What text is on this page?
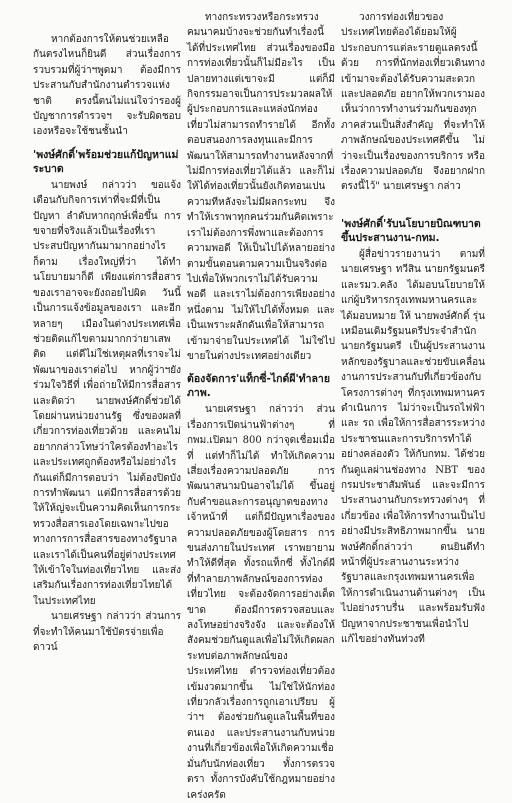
หากต้องการให้ตนช่วยเหลือกันตรงไหนก็ยินดี ส่วนเรื่องการรวบรวมที่ผู้ว่าฯพูดมา ต้องมีการประสานกับสำนักงานตำรวจแห่งชาติ ตรงนี้ตนไม่แน่ใจว่ารองผู้บัญชาการตำรวจฯ จะรับผิดชอบเองหรือจะใช้ชนชั้นนำ

'พงษ์ศักดิ์'พร้อมช่วยแก้ปัญหาแม่ระบาด

นายพงษ์ กล่าวว่า ขอแจ้งเตือนกับกิจการเท่าที่จะมีที่เป็นปัญหา ลำดับหากฤกษ์เพื่อขึ้น การขจายที่จริงแล้วเป็นเรื่องที่เราประสบปัญหากันมามากอย่างไรก็ตาม เรื่องใหญ่ที่ว่า ได้ทำนโยบายมาก็ดี เพียงแต่การสื่อสารของเราอาจจะยังถอยไปผิด วันนี้เป็นการแจ้งข้อมูลของเรา และอีกหลายๆ เมืองในต่างประเทศเพื่อช่วยติดแก้ไขตามมากกว่ายาเสพติด แต่ดีไม่ใช่เหตุผลที่เราจะไม่พัฒนาของเราต่อไป หากผู้ว่าฯยังร่วมใจวิธีที่ เพื่อถ่ายให้มีการสื่อสาร และติดว่า นายพงษ์ศักดิ์ช่วยได้ โดยผ่านหน่วยงานรัฐ ซึ่งของผลที่เกี่ยวการท่องเที่ยวด้วย และคนไม่อยากกล่าวโทษว่าใครต้องทำอะไร และประเทศถูกต้องหรือไม่อย่างไรกันแต่ก็มีการตอบว่า ไม่ต้องปิดบังการทำพัฒนา แต่มีการสื่อสารด้วยให้ให้ญ่จะเป็นความคิดเห็นการกระทรวงสื่อสารเองโดยเฉพาะไปขอทางการการสื่อสารของทางรัฐบาล และเราได้เป็นคนที่อยู่ต่างประเทศให้เข้าใจในท่องเที่ยวไทย และส่งเสริมกันเรื่องการท่องเที่ยวไทยได้ในประเทศไทย

นายเศรษฐา กล่าวว่า ส่วนการที่จะทำให้คนมาใช้บัตรจ่ายเพื่อดาวน์

ทางกระทรวงหรือกระทรวงคมนาคมบ้างจะช่วยกันทำเรื่องนี้ได้ที่ประเทศไทย ส่วนเรื่องของมือการท่องเที่ยวนั้นก็ไม่มีอะไร เป็นปลายทางแต่เขาจะมี แต่ก็มีกิจกรรมอาจเป็นการประมวลผลให้ผู้ประกอบการและแหล่งนักท่องเที่ยวไม่สามารถทำรายได้ อีกทั้งตอบสนองการลงทุนและมีการพัฒนาให้สามารถทำงานหลังจากที่ไม่มีการท่องเที่ยวได้แล้ว และก็ไม่ให้ได้ท่องเที่ยวนั้นยังเกิดทอนเปนความทีหลังจะไม่มีผลกระทบ จึงทำให้เราพาทุกคนร่วมกันคิดเพราะเราไม่ต้องการพึ่งพาและต้องการความพอดี ให้เป็นไปได้หลายอย่างตามขั้นตอนตามความเป็นจริงต่อไปเพื่อให้พวกเราไม่ได้รับความพอดี และเราไม่ต้องการเพียงอย่างหนึ่งตาม ไม่ให้ไปได้ทั้งหมด และเป็นเพราะผลักดันเพื่อให้สามารถเข้ามาจ่ายในประเทศได้ ไม่ใช่ไปขายในต่างประเทศอย่างเดียว

ต้องจัดการ'แท็กซี่-ไกด์ผี'ทำลายภาพ.

นายเศรษฐา กล่าวว่า ส่วนเรื่องการเปิดน่านฟ้าต่างๆ ที่ กพม.เปิดมา 800 กว่าจุดเชื่อมเมื่อที่ แต่ทำก็ไม่ได้ ทำให้เกิดความเสี่ยงเรื่องความปลอดภัย การพัฒนาสนามบินอาจไม่ได้ ขึ้นอยู่กับคำขอและการอนุญาตของทางเจ้าหน้าที่ แต่ก็มีปัญหาเรื่องของความปลอดภัยของผู้โดยสาร การขนส่งภายในประเทศ เราพยายามทำให้ดีที่สุด ทั้งรถแท็กซี่ ทั้งไกด์ผี ที่ทำลายภาพลักษณ์ของการท่องเที่ยวไทย จะต้องจัดการอย่างเด็ดขาด ต้องมีการตรวจสอบและลงโทษอย่างจริงจัง และจะต้องให้สังคมช่วยกันดูแลเพื่อไม่ให้เกิดผลกระทบต่อภาพลักษณ์ของประเทศไทย ตำรวจท่องเที่ยวต้องเข้มงวดมากขึ้น ไม่ใช่ให้นักท่องเที่ยวกลัวเรื่องการถูกเอาเปรียบ ผู้ว่าฯ ต้องช่วยกันดูแลในพื้นที่ของตนเอง และประสานงานกับหน่วยงานที่เกี่ยวข้องเพื่อให้เกิดความเชื่อมั่นกับนักท่องเที่ยว ทั้งการตรวจตรา ทั้งการบังคับใช้กฎหมายอย่างเคร่งครัด

วงการท่องเที่ยวของประเทศไทยต้องได้ยอมให้ผู้ประกอบการแต่ละรายดูแลตรงนี้ด้วย การที่นักท่องเที่ยวเดินทางเข้ามาจะต้องได้รับความสะดวกและปลอดภัย อยากให้พวกเรามองเห็นว่าการทำงานร่วมกันของทุกภาคส่วนเป็นสิ่งสำคัญ ที่จะทำให้ภาพลักษณ์ของประเทศดีขึ้น ไม่ว่าจะเป็นเรื่องของการบริการ หรือเรื่องความปลอดภัย จึงอยากฝากตรงนี้ไว้" นายเศรษฐา กล่าว

'พงษ์ศักดิ์'รับนโยบายบิณฑบาตขึ้นประสานงาน-กทม.

ผู้สื่อข่าวรายงานว่า ตามที่ นายเศรษฐา ทวีสิน นายกรัฐมนตรีและรมว.คลัง ได้มอบนโยบายให้แก่ผู้บริหารกรุงเทพมหานครและได้มอบหมาย ให้ นายพงษ์ศักดิ์ รุ่นเหมือนเดิมรัฐมนตรีประจำสำนักนายกรัฐมนตรี เป็นผู้ประสานงานหลักของรัฐบาลและช่วยขับเคลื่อนงานการประสานกับที่เกี่ยวข้องกับโครงการต่างๆ ที่กรุงเทพมหานครดำเนินการ ไม่ว่าจะเป็นรถไฟฟ้า และ รถ เพื่อให้การสื่อสารระหว่างประชาชนและการบริการทำได้อย่างคล่องตัว ให้กับกทม. ได้ช่วยกันดูแลผ่านช่องทาง NBT ของกรมประชาสัมพันธ์ และจะมีการประสานงานกับกระทรวงต่างๆ ที่เกี่ยวข้อง เพื่อให้การทำงานเป็นไปอย่างมีประสิทธิภาพมากขึ้น นายพงษ์ศักดิ์กล่าวว่า ตนยินดีทำหน้าที่ผู้ประสานงานระหว่างรัฐบาลและกรุงเทพมหานครเพื่อให้การดำเนินงานด้านต่างๆ เป็นไปอย่างราบรื่น และพร้อมรับฟังปัญหาจากประชาชนเพื่อนำไปแก้ไขอย่างทันท่วงที
